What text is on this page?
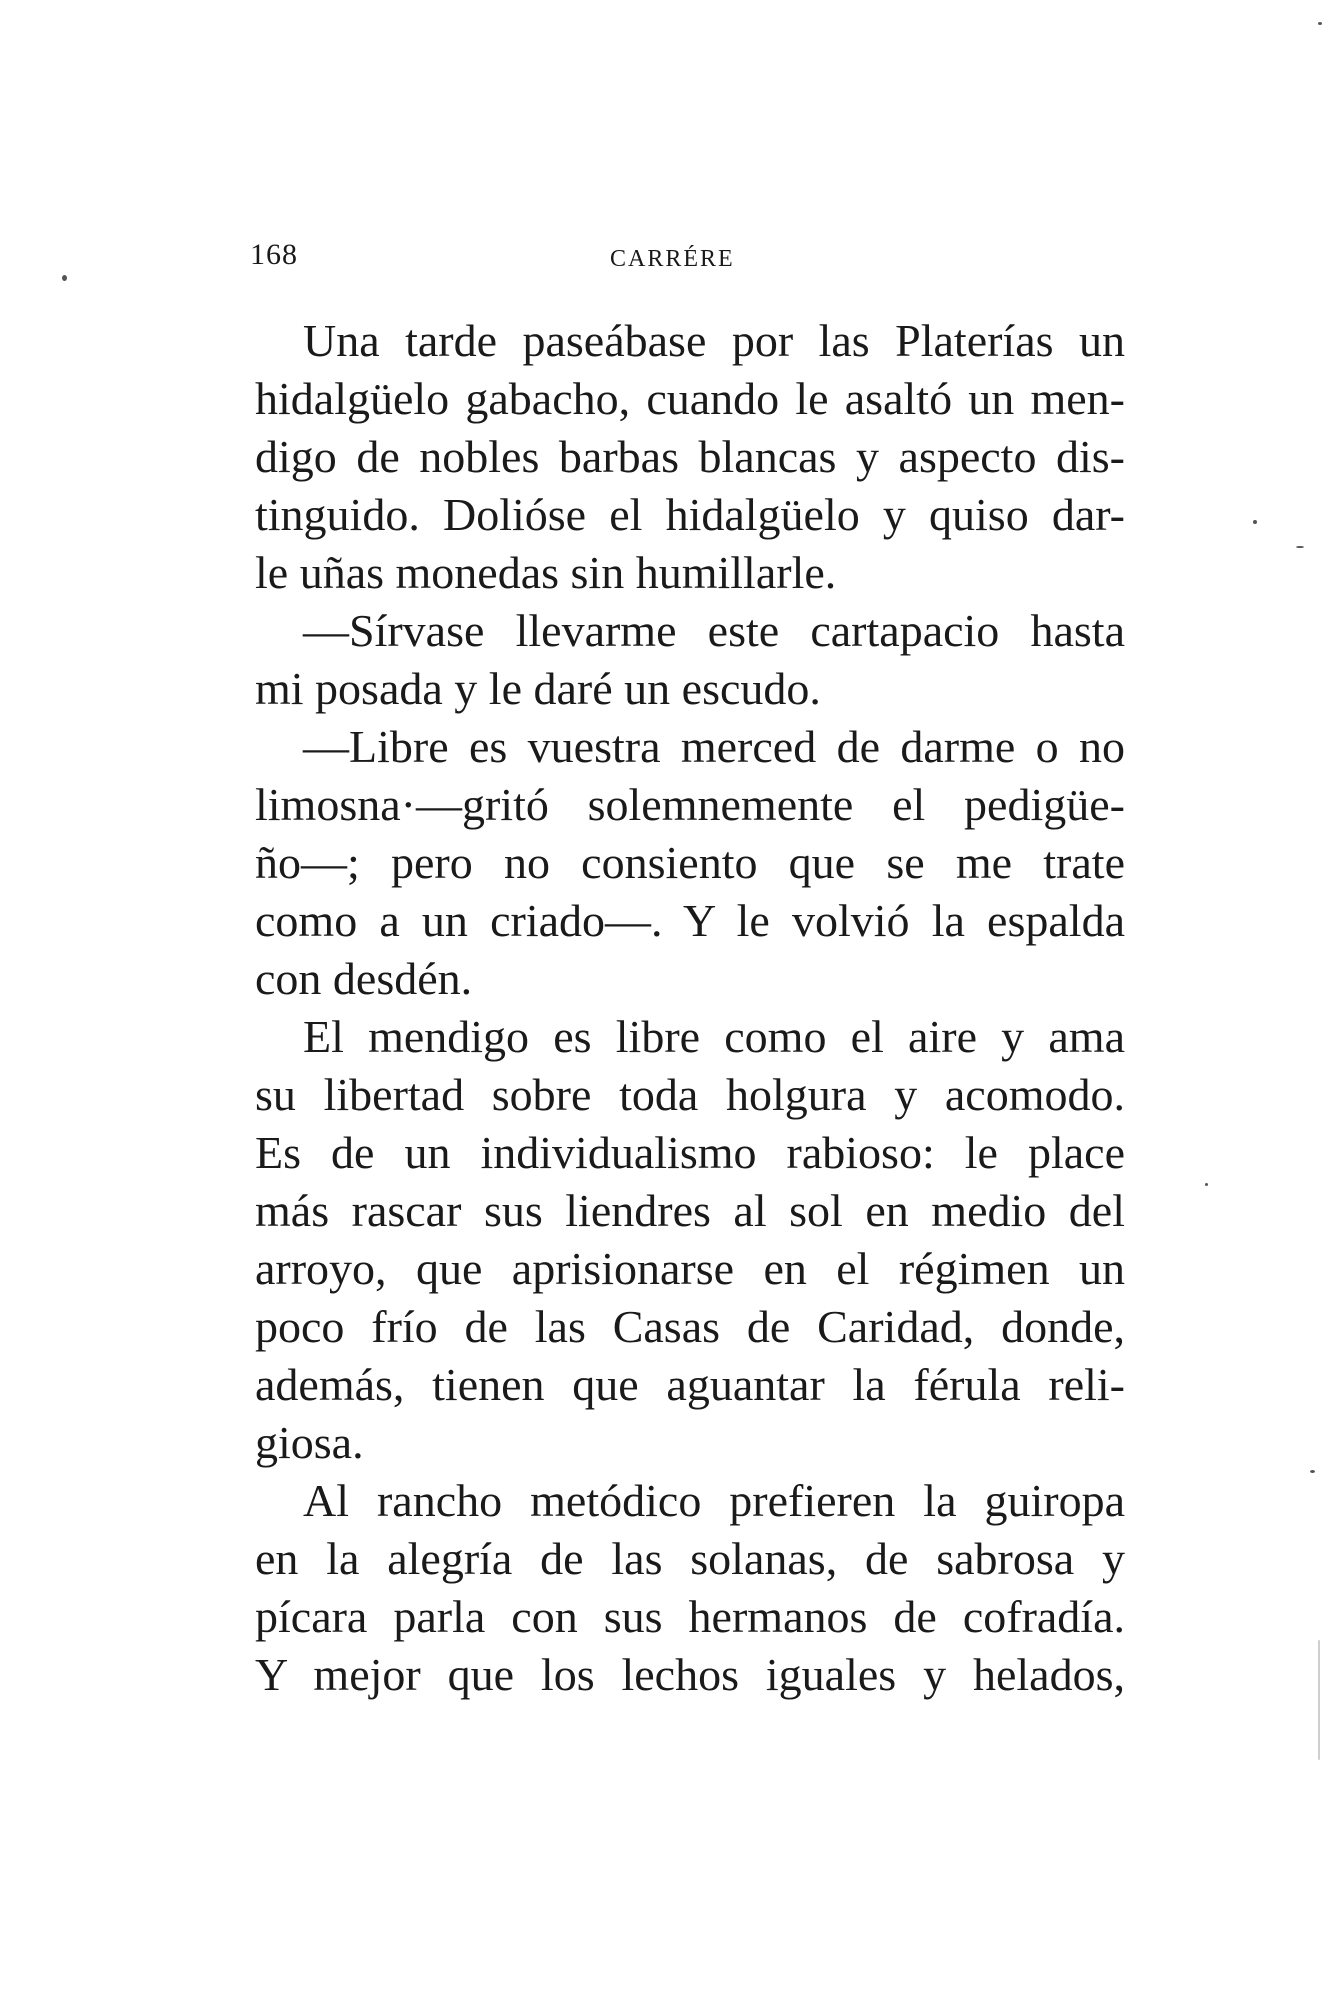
168	CARRÉRE
Una tarde paseábase por las Platerías un
hidalgüelo gabacho, cuando le asaltó un men-
digo de nobles barbas blancas y aspecto dis-
tinguido. Dolióse el hidalgüelo y quiso dar-
le uñas monedas sin humillarle.
—Sírvase llevarme este cartapacio hasta
mi posada y le daré un escudo.
—Libre es vuestra merced de darme o no
limosna·—gritó solemnemente el pedigüe-
ño—; pero no consiento que se me trate
como a un criado—. Y le volvió la espalda
con desdén.
El mendigo es libre como el aire y ama
su libertad sobre toda holgura y acomodo.
Es de un individualismo rabioso: le place
más rascar sus liendres al sol en medio del
arroyo, que aprisionarse en el régimen un
poco frío de las Casas de Caridad, donde,
además, tienen que aguantar la férula reli-
giosa.
Al rancho metódico prefieren la guiropa
en la alegría de las solanas, de sabrosa y
pícara parla con sus hermanos de cofradía.
Y mejor que los lechos iguales y helados,
